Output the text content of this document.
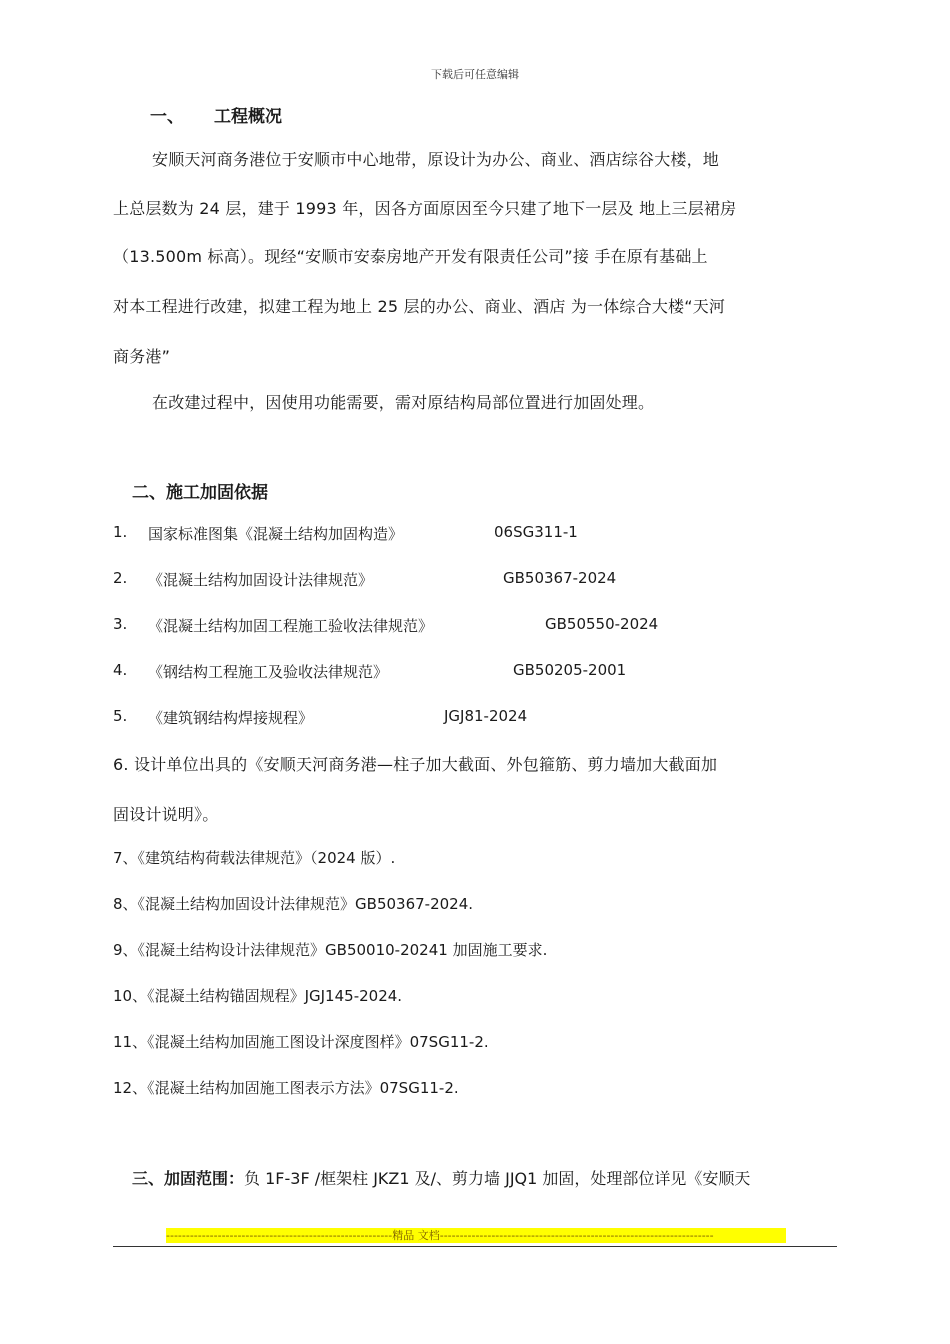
下载后可任意编辑
一、 工程概况
安顺天河商务港位于安顺市中心地带，原设计为办公、商业、酒店综谷大楼，地
上总层数为 24 层，建于 1993 年，因各方面原因至今只建了地下一层及 地上三层裙房
（13.500m 标高）。现经“安顺市安泰房地产开发有限责任公司”接 手在原有基础上
对本工程进行改建，拟建工程为地上 25 层的办公、商业、酒店 为一体综合大楼“天河
商务港”
在改建过程中，因使用功能需要，需对原结构局部位置进行加固处理。
二、施工加固依据
1. 国家标准图集《混凝土结构加固构造》	06SG311-1
2. 《混凝土结构加固设计法律规范》	GB50367-2024
3. 《混凝土结构加固工程施工验收法律规范》	GB50550-2024
4. 《钢结构工程施工及验收法律规范》	GB50205-2001
5. 《建筑钢结构焊接规程》	JGJ81-2024
6. 设计单位出具的《安顺天河商务港—柱子加大截面、外包箍筋、剪力墙加大截面加
固设计说明》。
7、《建筑结构荷载法律规范》（2024 版）.
8、《混凝土结构加固设计法律规范》GB50367-2024.
9、《混凝土结构设计法律规范》GB50010-20241 加固施工要求.
10、《混凝土结构锚固规程》JGJ145-2024.
11、《混凝土结构加固施工图设计深度图样》07SG11-2.
12、《混凝土结构加固施工图表示方法》07SG11-2.
三、加固范围：负 1F-3F /框架柱 JKZ1 及/、剪力墙 JJQ1 加固，处理部位详见《安顺天
---------------------------------------------------------精品 文档---------------------------------------------------------------------
